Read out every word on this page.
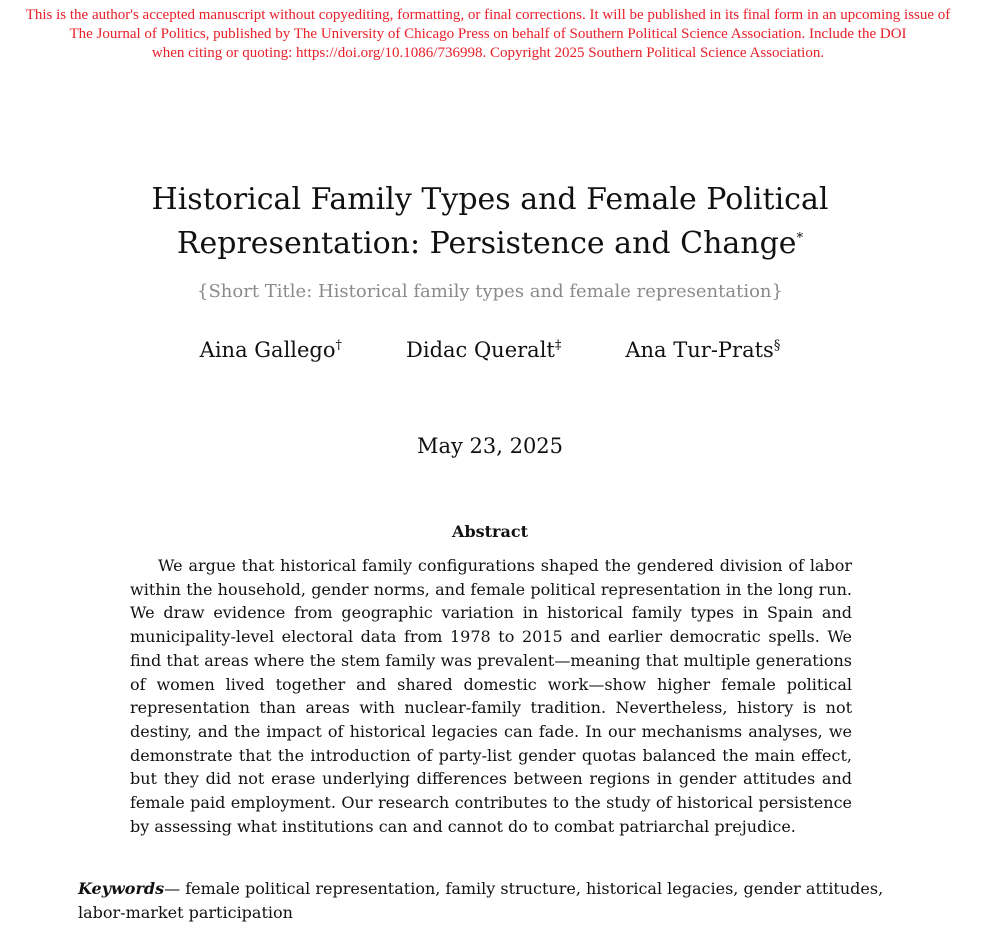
This is the author's accepted manuscript without copyediting, formatting, or final corrections. It will be published in its final form in an upcoming issue of
The Journal of Politics, published by The University of Chicago Press on behalf of Southern Political Science Association. Include the DOI
when citing or quoting: https://doi.org/10.1086/736998. Copyright 2025 Southern Political Science Association.
Historical Family Types and Female Political
Representation: Persistence and Change*
{Short Title: Historical family types and female representation}
Aina Gallego†	Didac Queralt‡	Ana Tur-Prats§
May 23, 2025
Abstract

We argue that historical family configurations shaped the gendered division of labor within the household, gender norms, and female political representation in the long run. We draw evidence from geographic variation in historical family types in Spain and municipality-level electoral data from 1978 to 2015 and earlier democratic spells. We find that areas where the stem family was prevalent—meaning that multiple generations of women lived together and shared domestic work—show higher female political representation than areas with nuclear-family tradition. Nevertheless, history is not destiny, and the impact of historical legacies can fade. In our mechanisms analyses, we demonstrate that the introduction of party-list gender quotas balanced the main effect, but they did not erase underlying differences between regions in gender attitudes and female paid employment. Our research contributes to the study of historical persistence by assessing what institutions can and cannot do to combat patriarchal prejudice.

Keywords— female political representation, family structure, historical legacies, gender attitudes, labor-market participation
